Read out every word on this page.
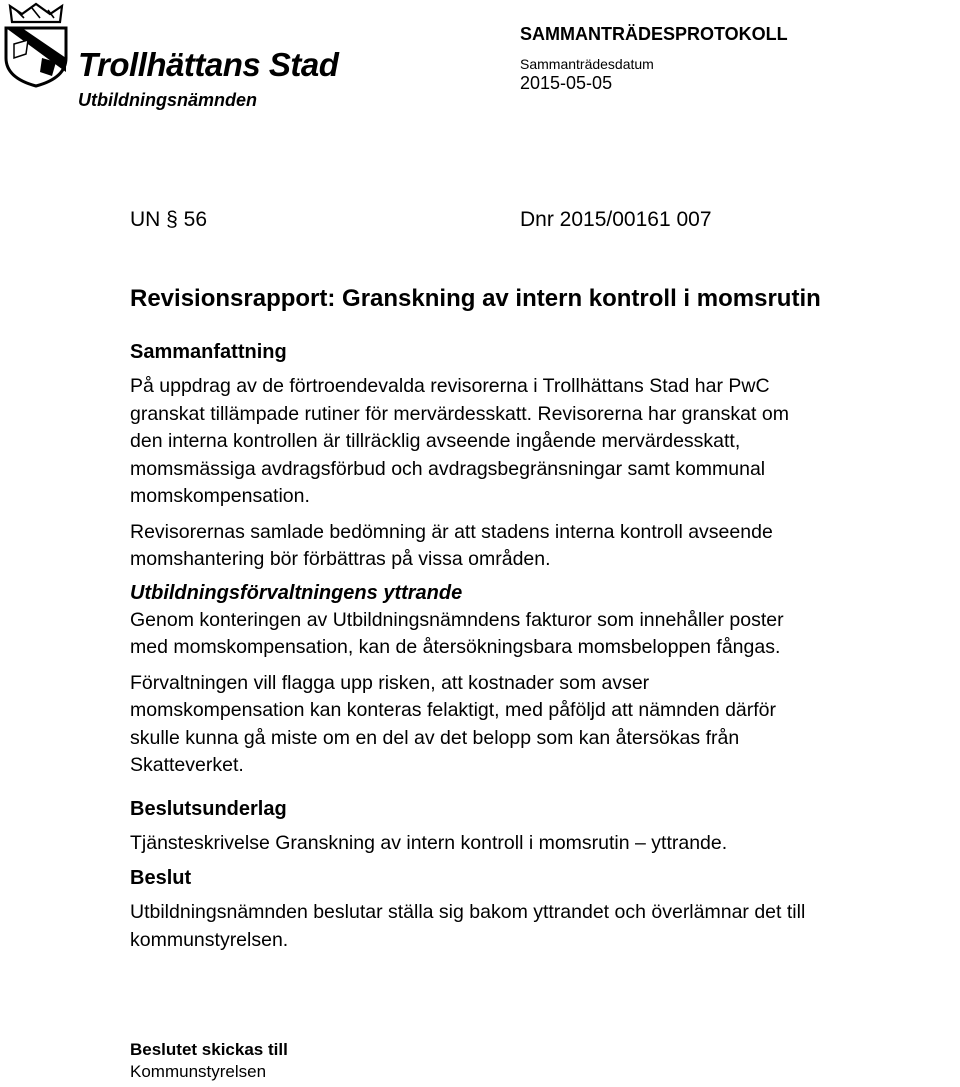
Trollhättans Stad
Utbildningsnämnden
SAMMANTRÄDESPROTOKOLL
Sammanträdesdatum
2015-05-05
UN § 56	Dnr 2015/00161 007
Revisionsrapport: Granskning av intern kontroll i momsrutin
Sammanfattning

På uppdrag av de förtroendevalda revisorerna i Trollhättans Stad har PwC
granskat tillämpade rutiner för mervärdesskatt. Revisorerna har granskat om
den interna kontrollen är tillräcklig avseende ingående mervärdesskatt,
momsmässiga avdragsförbud och avdragsbegränsningar samt kommunal
momskompensation.

Revisorernas samlade bedömning är att stadens interna kontroll avseende
momshantering bör förbättras på vissa områden.

Utbildningsförvaltningens yttrande

Genom konteringen av Utbildningsnämndens fakturor som innehåller poster
med momskompensation, kan de återsökningsbara momsbeloppen fångas.

Förvaltningen vill flagga upp risken, att kostnader som avser
momskompensation kan konteras felaktigt, med påföljd att nämnden därför
skulle kunna gå miste om en del av det belopp som kan återsökas från
Skatteverket.

Beslutsunderlag

Tjänsteskrivelse Granskning av intern kontroll i momsrutin – yttrande.

Beslut

Utbildningsnämnden beslutar ställa sig bakom yttrandet och överlämnar det till
kommunstyrelsen.

Beslutet skickas till
Kommunstyrelsen
